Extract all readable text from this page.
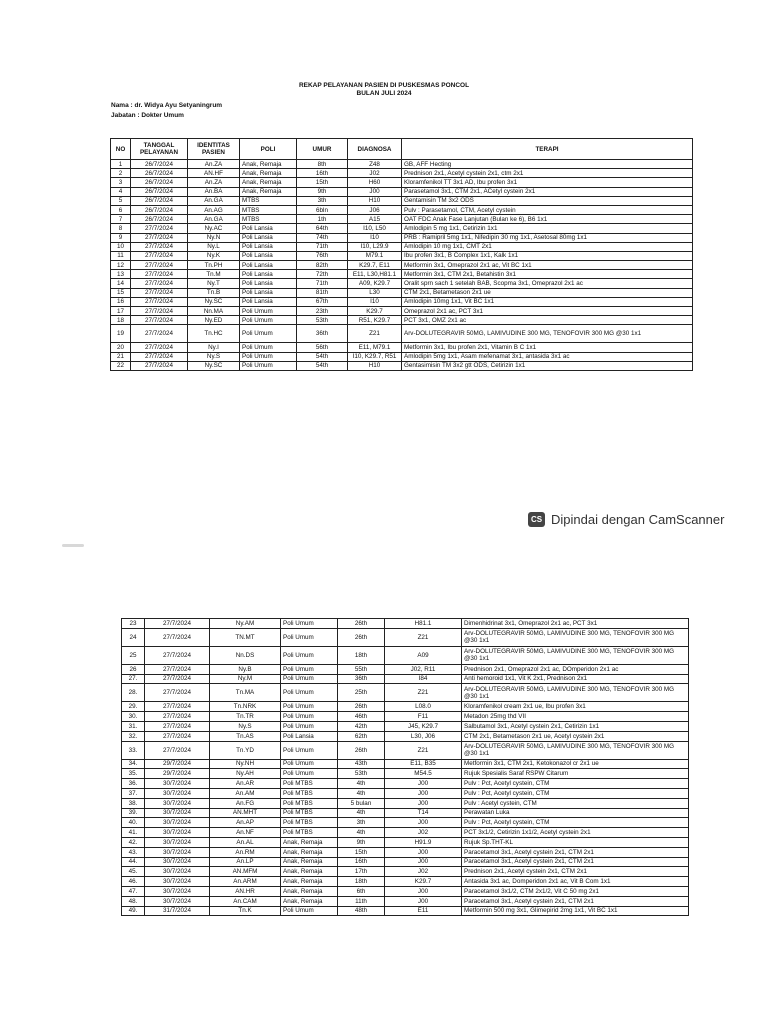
REKAP PELAYANAN PASIEN DI PUSKESMAS PONCOL
BULAN JULI 2024
Nama : dr. Widya Ayu Setyaningrum
Jabatan : Dokter Umum
NO	TANGGAL PELAYANAN	IDENTITAS PASIEN	POLI	UMUR	DIAGNOSA	TERAPI
1	26/7/2024	An.ZA	Anak, Remaja	8th	Z48	GB, AFF Hecting
2	26/7/2024	AN.HF	Anak, Remaja	16th	J02	Prednison 2x1, Acetyl cystein 2x1, ctm 2x1
3	26/7/2024	An.ZA	Anak, Remaja	15th	H60	Kloramfenikol TT 3x1 AD, Ibu profen 3x1
4	26/7/2024	An.BA	Anak, Remaja	9th	J00	Parasetamol 3x1, CTM 2x1, ACetyl cystein 2x1
5	26/7/2024	An.GA	MTBS	3th	H10	Gentamisin TM 3x2 ODS
6	26/7/2024	An.AG	MTBS	6bln	J06	Pulv : Parasetamol, CTM, Acetyl cystein
7	26/7/2024	An.GA	MTBS	1th	A15	OAT FDC Anak Fase Lanjutan (Bulan ke 6), B6 1x1
8	27/7/2024	Ny.AC	Poli Lansia	64th	I10, L50	Amlodipin 5 mg 1x1, Cetirizin 1x1
9	27/7/2024	Ny.N	Poli Lansia	74th	I10	PRB : Ramipril 5mg 1x1, Nifedipin 30 mg 1x1, Asetosal 80mg 1x1
10	27/7/2024	Ny.L	Poli Lansia	71th	I10, L29.9	Amlodipin 10 mg 1x1, CMT 2x1
11	27/7/2024	Ny.K	Poli Lansia	76th	M79.1	Ibu profen 3x1, B Complex 1x1, Kalk 1x1
12	27/7/2024	Tn.PH	Poli Lansia	82th	K29.7, E11	Metformin 3x1, Omeprazol 2x1 ac, Vit BC 1x1
13	27/7/2024	Tn.M	Poli Lansia	72th	E11, L30,H81.1	Metformin 3x1, CTM 2x1, Betahistin 3x1
14	27/7/2024	Ny.T	Poli Lansia	71th	A09, K29.7	Oralit sprn sach 1 setelah BAB, Scopma 3x1, Omeprazol 2x1 ac
15	27/7/2024	Tn.B	Poli Lansia	81th	L30	CTM 2x1, Betametason 2x1 ue
16	27/7/2024	Ny.SC	Poli Lansia	67th	I10	Amlodipin 10mg 1x1, Vit BC 1x1
17	27/7/2024	Nn.MA	Poli Umum	23th	K29.7	Omeprazol 2x1 ac, PCT 3x1
18	27/7/2024	Ny.ED	Poli Umum	53th	R51, K29.7	PCT 3x1, OMZ 2x1 ac
19	27/7/2024	Tn.HC	Poli Umum	36th	Z21	Arv-DOLUTEGRAVIR 50MG, LAMIVUDINE 300 MG, TENOFOVIR 300 MG @30 1x1
20	27/7/2024	Ny.I	Poli Umum	56th	E11, M79.1	Metformin 3x1, Ibu profen 2x1, Vitamin B C 1x1
21	27/7/2024	Ny.S	Poli Umum	54th	I10, K29.7, R51	Amlodipin 5mg 1x1, Asam mefenamat 3x1, antasida 3x1 ac
22	27/7/2024	Ny.SC	Poli Umum	54th	H10	Gentasimisin TM 3x2 gtt ODS, Cetirizin 1x1
CS Dipindai dengan CamScanner
23	27/7/2024	Ny.AM	Poli Umum	26th	H81.1	Dimenhidrinat 3x1, Omeprazol 2x1 ac, PCT 3x1
24	27/7/2024	TN.MT	Poli Umum	26th	Z21	Arv-DOLUTEGRAVIR 50MG, LAMIVUDINE 300 MG, TENOFOVIR 300 MG @30 1x1
25	27/7/2024	Nn.DS	Poli Umum	18th	A09	Arv-DOLUTEGRAVIR 50MG, LAMIVUDINE 300 MG, TENOFOVIR 300 MG @30 1x1
26	27/7/2024	Ny.B	Poli Umum	55th	J02, R11	Prednison 2x1, Omeprazol 2x1 ac, DOmperidon 2x1 ac
27.	27/7/2024	Ny.M	Poli Umum	36th	I84	Anti hemoroid 1x1, Vit K 2x1, Prednison 2x1
28.	27/7/2024	Tn.MA	Poli Umum	25th	Z21	Arv-DOLUTEGRAVIR 50MG, LAMIVUDINE 300 MG, TENOFOVIR 300 MG @30 1x1
29.	27/7/2024	Tn.NRK	Poli Umum	26th	L08.0	Kloramfenikol cream 2x1 ue, Ibu profen 3x1
30.	27/7/2024	Tn.TR	Poli Umum	46th	F11	Metadon 25mg thd VII
31.	27/7/2024	Ny.S	Poli Umum	42th	J45, K29.7	Salbutamol 3x1, Acetyl cystein 2x1, Cetirizin 1x1
32.	27/7/2024	Tn.AS	Poli Lansia	62th	L30, J06	CTM 2x1, Betametason 2x1 ue, Acetyl cystein 2x1
33.	27/7/2024	Tn.YD	Poli Umum	26th	Z21	Arv-DOLUTEGRAVIR 50MG, LAMIVUDINE 300 MG, TENOFOVIR 300 MG @30 1x1
34.	29/7/2024	Ny.NH	Poli Umum	43th	E11, B35	Metformin 3x1, CTM 2x1, Ketokonazol cr 2x1 ue
35.	29/7/2024	Ny.AH	Poli Umum	53th	M54.5	Rujuk Spesialis Saraf RSPW Citarum
36.	30/7/2024	An.AR	Poli MTBS	4th	J00	Pulv : Pct, Acetyl cystein, CTM
37.	30/7/2024	An.AM	Poli MTBS	4th	J00	Pulv : Pct, Acetyl cystein, CTM
38.	30/7/2024	An.FG	Poli MTBS	5 bulan	J00	Pulv : Acetyl cystein, CTM
39.	30/7/2024	AN.MHT	Poli MTBS	4th	T14	Perawatan Luka
40.	30/7/2024	An.AP	Poli MTBS	3th	J00	Pulv : Pct, Acetyl cystein, CTM
41.	30/7/2024	An.NF	Poli MTBS	4th	J02	PCT 3x1/2, Cetirizin 1x1/2, Acetyl cystein 2x1
42.	30/7/2024	An.AL	Anak, Remaja	9th	H91.9	Rujuk Sp.THT-KL
43.	30/7/2024	An.RM	Anak, Remaja	15th	J00	Paracetamol 3x1, Acetyl cystein 2x1, CTM 2x1
44.	30/7/2024	An.LP	Anak, Remaja	16th	J00	Paracetamol 3x1, Acetyl cystein 2x1, CTM 2x1
45.	30/7/2024	AN.MFM	Anak, Remaja	17th	J02	Prednison 2x1, Acetyl cystein 2x1, CTM 2x1
46.	30/7/2024	An.ARM	Anak, Remaja	18th	K29.7	Antasida 3x1 ac, Domperidon 2x1 ac, Vit B Com 1x1
47.	30/7/2024	AN.HR	Anak, Remaja	6th	J00	Paracetamol 3x1/2, CTM 2x1/2, Vit C 50 mg 2x1
48.	30/7/2024	An.CAM	Anak, Remaja	11th	J00	Paracetamol 3x1, Acetyl cystein 2x1, CTM 2x1
49.	31/7/2024	Tn.K	Poli Umum	48th	E11	Metformin 500 mg 3x1, Glimepirid 2mg 1x1, Vit BC 1x1
